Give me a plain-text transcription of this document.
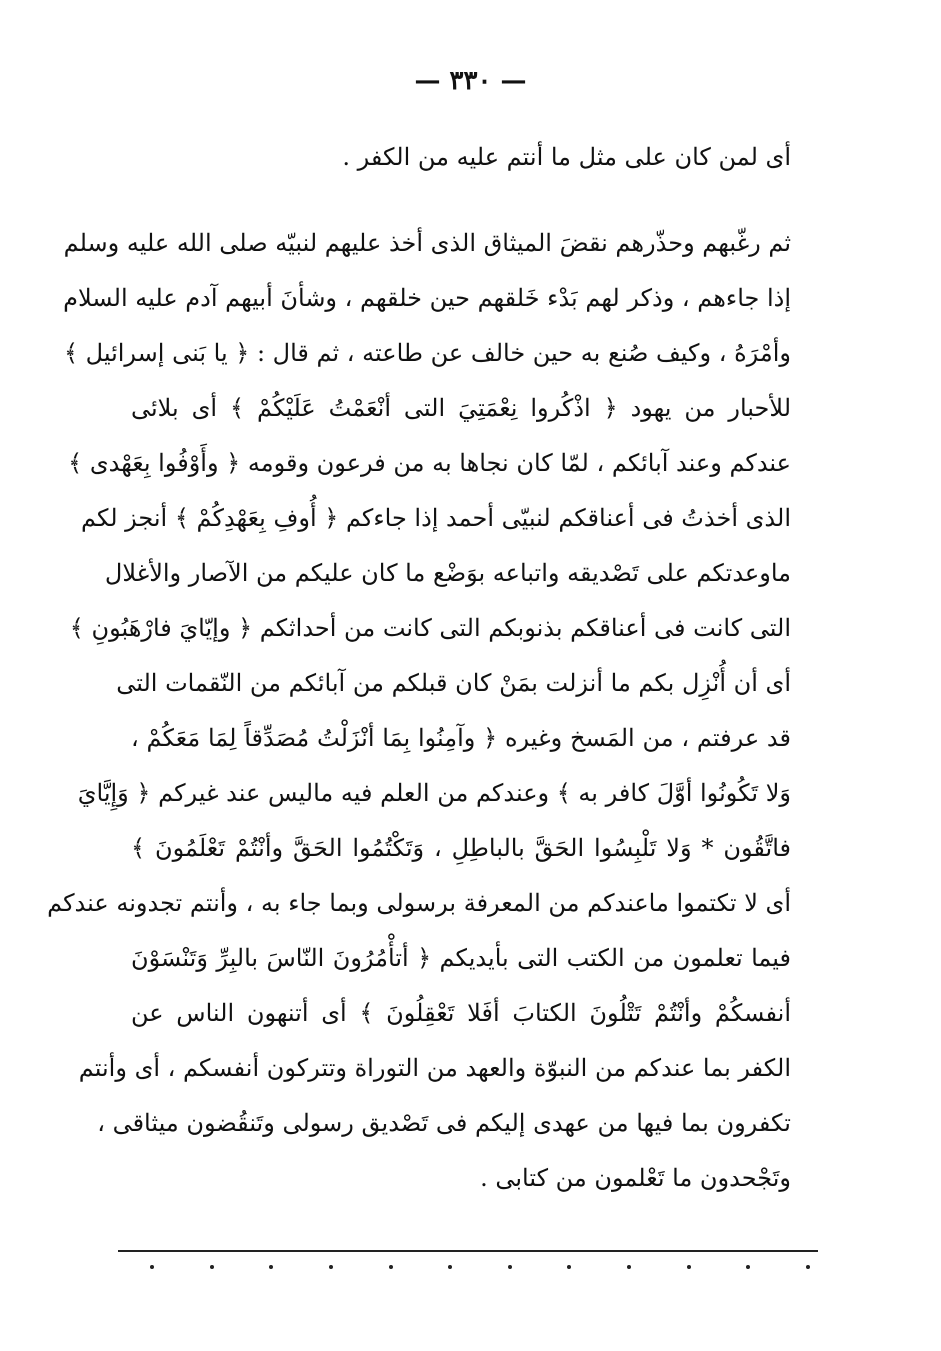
— ٣٣٠ —
أى لمن كان على مثل ما أنتم عليه من الكفر .
ثم رغّبهم وحذّرهم نقضَ الميثاق الذى أخذ عليهم لنبيّه صلى الله عليه وسلم
إذا جاءهم ، وذكر لهم بَدْء خَلقهم حين خلقهم ، وشأنَ أبيهم آدم عليه السلام
وأمْرَهُ ، وكيف صُنع به حين خالف عن طاعته ، ثم قال : ﴿ يا بَنى إسرائيل ﴾
للأحبار من يهود ﴿ اذْكُروا نِعْمَتِيَ التى أنْعَمْتُ عَلَيْكُمْ ﴾ أى بلائى
عندكم وعند آبائكم ، لمّا كان نجاها به من فرعون وقومه ﴿ وأَوْفُوا بِعَهْدى ﴾
الذى أخذتُ فى أعناقكم لنبيّى أحمد إذا جاءكم ﴿ أُوفِ بِعَهْدِكُمْ ﴾ أنجز لكم
ماوعدتكم على تَصْديقه واتباعه بوَضْع ما كان عليكم من الآصار والأغلال
التى كانت فى أعناقكم بذنوبكم التى كانت من أحداثكم ﴿ وإيّايَ فارْهَبُونِ ﴾
أى أن أُنْزِل بكم ما أنزلت بمَنْ كان قبلكم من آبائكم من النّقمات التى
قد عرفتم ، من المَسخ وغيره ﴿ وآمِنُوا بِمَا أنْزَلْتُ مُصَدِّقاً لِمَا مَعَكُمْ ،
وَلا تَكُونُوا أوَّلَ كافر به ﴾ وعندكم من العلم فيه ماليس عند غيركم ﴿ وَإِيَّايَ
فاتَّقُون * وَلا تَلْبِسُوا الحَقَّ بالباطِلِ ، وَتَكْتُمُوا الحَقَّ وأنْتُمْ تَعْلَمُونَ ﴾
أى لا تكتموا ماعندكم من المعرفة برسولى وبما جاء به ، وأنتم تجدونه عندكم
فيما تعلمون من الكتب التى بأيديكم ﴿ أتأْمُرُونَ النّاسَ بالبِرِّ وَتَنْسَوْنَ
أنفسكُمْ وأنْتُمْ تَتْلُونَ الكتابَ أفَلا تَعْقِلُونَ ﴾ أى أتنهون الناس عن
الكفر بما عندكم من النبوّة والعهد من التوراة وتتركون أنفسكم ، أى وأنتم
تكفرون بما فيها من عهدى إليكم فى تَصْديق رسولى وتَنقُضون ميثاقى ،
وتَجْحدون ما تَعْلمون من كتابى .
